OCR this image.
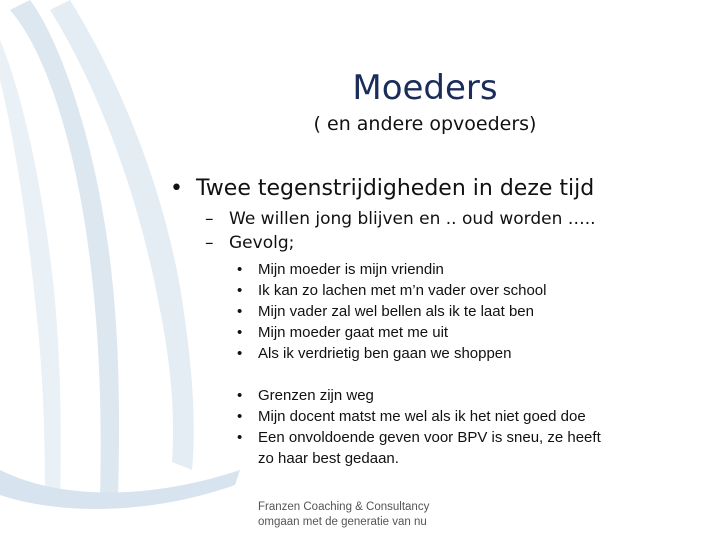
Moeders
( en andere opvoeders)
• Twee tegenstrijdigheden in deze tijd
– We willen jong blijven en .. oud worden …..
– Gevolg;
• Mijn moeder is mijn vriendin
• Ik kan zo lachen met m’n vader over school
• Mijn vader zal wel bellen als ik te laat ben
• Mijn moeder gaat met me uit
• Als ik verdrietig ben gaan we shoppen
• Grenzen zijn weg
• Mijn docent matst me wel als ik het niet goed doe
• Een onvoldoende geven voor BPV is sneu, ze heeft
zo haar best gedaan.
Franzen Coaching & Consultancy
omgaan met de generatie van nu
